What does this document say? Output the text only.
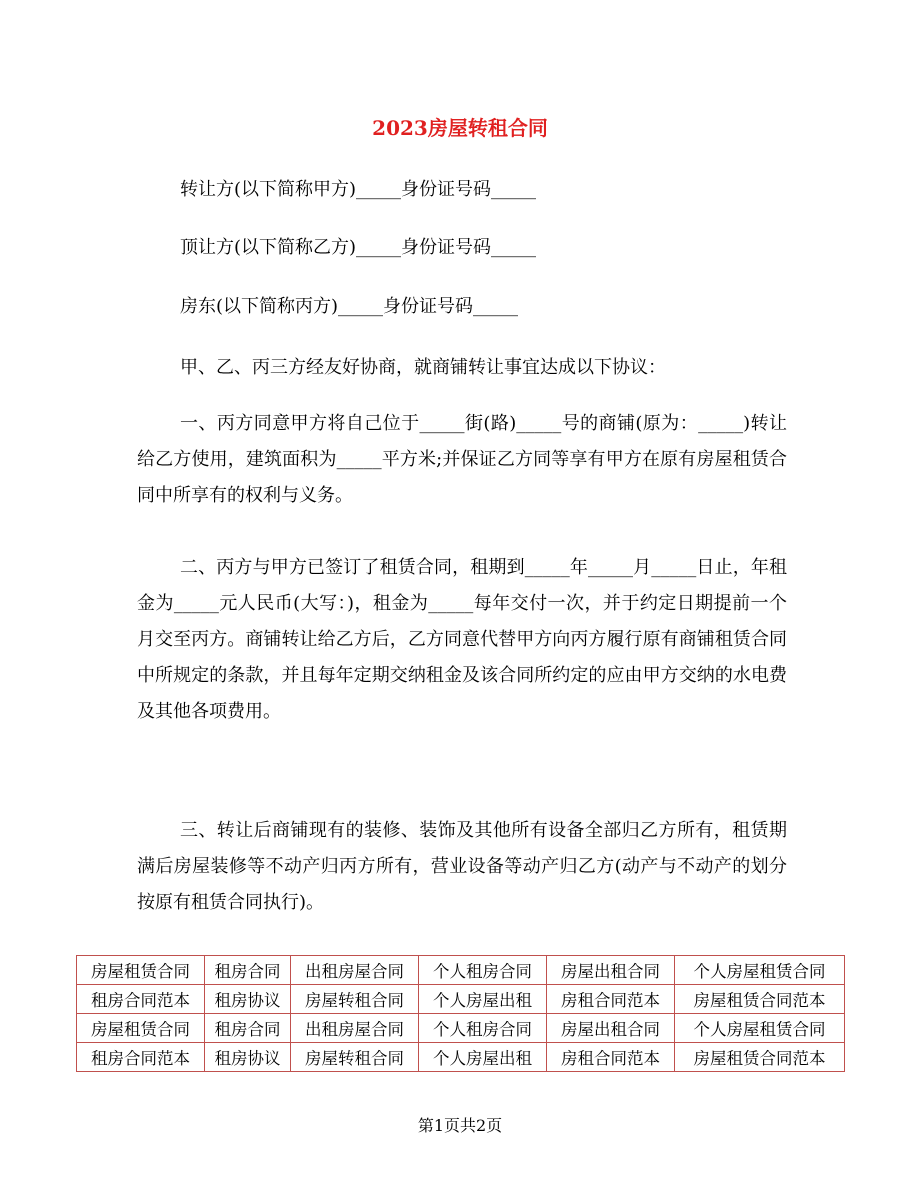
2023房屋转租合同
转让方(以下简称甲方)_____身份证号码_____
顶让方(以下简称乙方)_____身份证号码_____
房东(以下简称丙方)_____身份证号码_____

甲、乙、丙三方经友好协商，就商铺转让事宜达成以下协议：

一、丙方同意甲方将自己位于_____街(路)_____号的商铺(原为：_____)转让给乙方使用，建筑面积为_____平方米;并保证乙方同等享有甲方在原有房屋租赁合同中所享有的权利与义务。

二、丙方与甲方已签订了租赁合同，租期到_____年_____月_____日止，年租金为_____元人民币(大写：)，租金为_____每年交付一次，并于约定日期提前一个月交至丙方。商铺转让给乙方后，乙方同意代替甲方向丙方履行原有商铺租赁合同中所规定的条款，并且每年定期交纳租金及该合同所约定的应由甲方交纳的水电费及其他各项费用。

三、转让后商铺现有的装修、装饰及其他所有设备全部归乙方所有，租赁期满后房屋装修等不动产归丙方所有，营业设备等动产归乙方(动产与不动产的划分按原有租赁合同执行)。

房屋租赁合同	租房合同	出租房屋合同	个人租房合同	房屋出租合同	个人房屋租赁合同
租房合同范本	租房协议	房屋转租合同	个人房屋出租	房租合同范本	房屋租赁合同范本
房屋租赁合同	租房合同	出租房屋合同	个人租房合同	房屋出租合同	个人房屋租赁合同
租房合同范本	租房协议	房屋转租合同	个人房屋出租	房租合同范本	房屋租赁合同范本
第1页共2页
